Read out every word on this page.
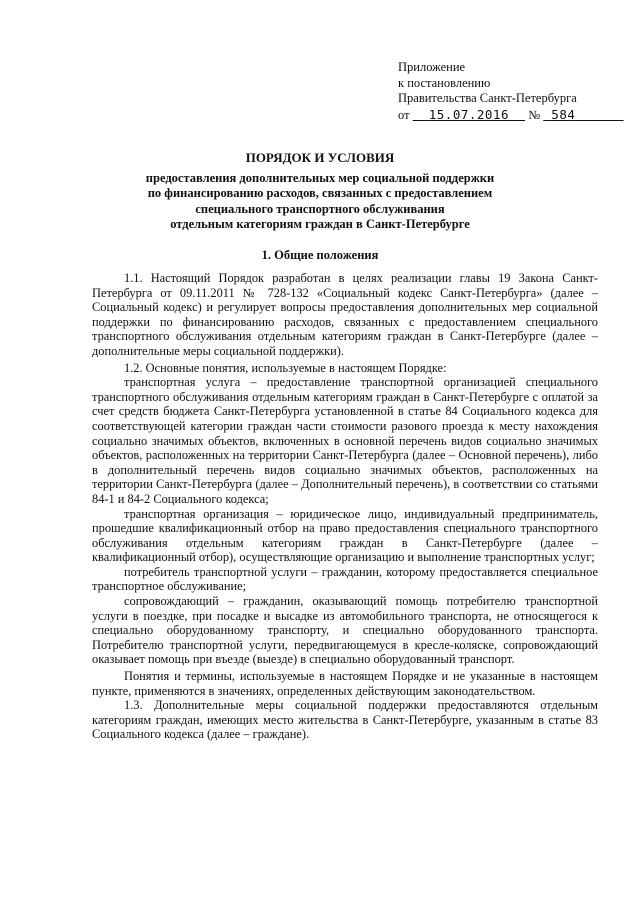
Приложение
к постановлению
Правительства Санкт-Петербурга
от 15.07.2016 № 584
ПОРЯДОК И УСЛОВИЯ
предоставления дополнительных мер социальной поддержки
по финансированию расходов, связанных с предоставлением
специального транспортного обслуживания
отдельным категориям граждан в Санкт-Петербурге
1. Общие положения

1.1. Настоящий Порядок разработан в целях реализации главы 19 Закона Санкт-Петербурга от 09.11.2011 № 728-132 «Социальный кодекс Санкт-Петербурга» (далее – Социальный кодекс) и регулирует вопросы предоставления дополнительных мер социальной поддержки по финансированию расходов, связанных с предоставлением специального транспортного обслуживания отдельным категориям граждан в Санкт-Петербурге (далее – дополнительные меры социальной поддержки).

1.2. Основные понятия, используемые в настоящем Порядке:

транспортная услуга – предоставление транспортной организацией специального транспортного обслуживания отдельным категориям граждан в Санкт-Петербурге с оплатой за счет средств бюджета Санкт-Петербурга установленной в статье 84 Социального кодекса для соответствующей категории граждан части стоимости разового проезда к месту нахождения социально значимых объектов, включенных в основной перечень видов социально значимых объектов, расположенных на территории Санкт-Петербурга (далее – Основной перечень), либо в дополнительный перечень видов социально значимых объектов, расположенных на территории Санкт-Петербурга (далее – Дополнительный перечень), в соответствии со статьями 84-1 и 84-2 Социального кодекса;

транспортная организация – юридическое лицо, индивидуальный предприниматель, прошедшие квалификационный отбор на право предоставления специального транспортного обслуживания отдельным категориям граждан в Санкт-Петербурге (далее – квалификационный отбор), осуществляющие организацию и выполнение транспортных услуг;

потребитель транспортной услуги – гражданин, которому предоставляется специальное транспортное обслуживание;

сопровождающий – гражданин, оказывающий помощь потребителю транспортной услуги в поездке, при посадке и высадке из автомобильного транспорта, не относящегося к специально оборудованному транспорту, и специально оборудованного транспорта. Потребителю транспортной услуги, передвигающемуся в кресле-коляске, сопровождающий оказывает помощь при въезде (выезде) в специально оборудованный транспорт.

Понятия и термины, используемые в настоящем Порядке и не указанные в настоящем пункте, применяются в значениях, определенных действующим законодательством.

1.3. Дополнительные меры социальной поддержки предоставляются отдельным категориям граждан, имеющих место жительства в Санкт-Петербурге, указанным в статье 83 Социального кодекса (далее – граждане).
